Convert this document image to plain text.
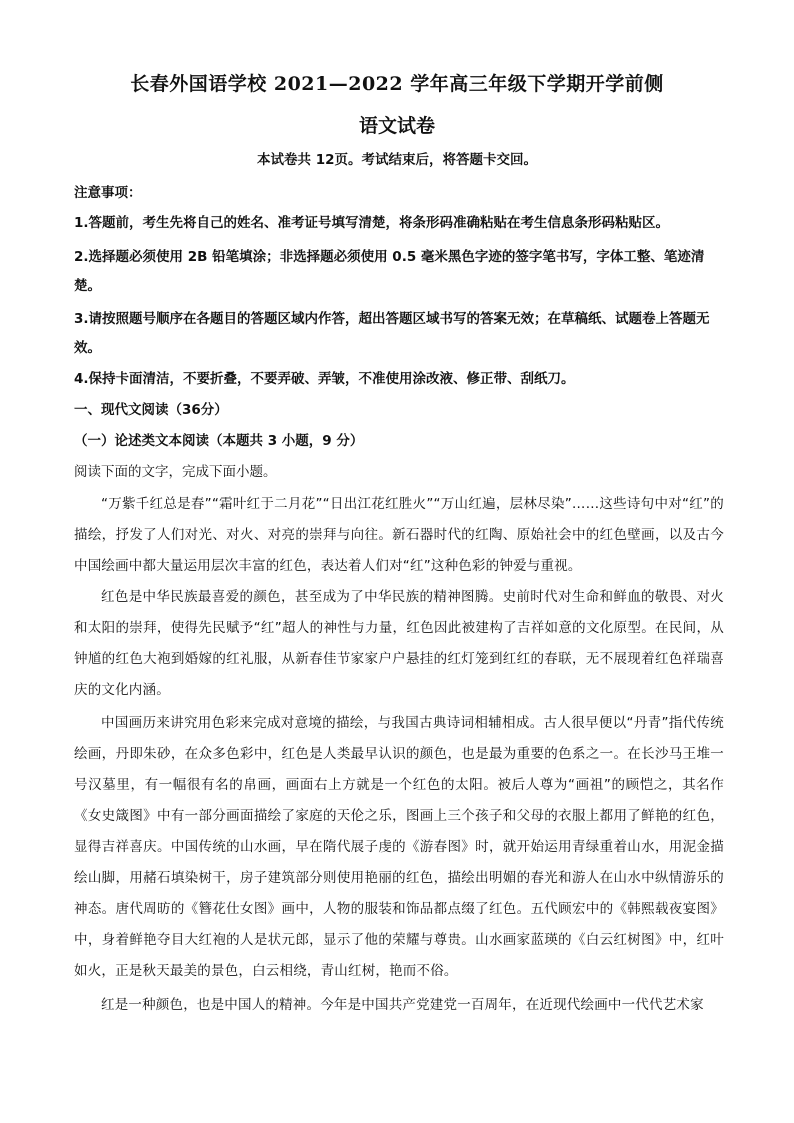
长春外国语学校 2021—2022 学年高三年级下学期开学前侧
语文试卷
本试卷共 12页。考试结束后，将答题卡交回。
注意事项：
1.答题前，考生先将自己的姓名、准考证号填写清楚，将条形码准确粘贴在考生信息条形码粘贴区。
2.选择题必须使用 2B 铅笔填涂；非选择题必须使用 0.5 毫米黑色字迹的签字笔书写，字体工整、笔迹清楚。
3.请按照题号顺序在各题目的答题区域内作答，超出答题区域书写的答案无效；在草稿纸、试题卷上答题无效。
4.保持卡面清洁，不要折叠，不要弄破、弄皱，不准使用涂改液、修正带、刮纸刀。
一、现代文阅读（36分）
（一）论述类文本阅读（本题共 3 小题，9 分）
阅读下面的文字，完成下面小题。
“万紫千红总是春”“霜叶红于二月花”“日出江花红胜火”“万山红遍，层林尽染”……这些诗句中对“红”的描绘，抒发了人们对光、对火、对亮的崇拜与向往。新石器时代的红陶、原始社会中的红色壁画，以及古今中国绘画中都大量运用层次丰富的红色，表达着人们对“红”这种色彩的钟爱与重视。
红色是中华民族最喜爱的颜色，甚至成为了中华民族的精神图腾。史前时代对生命和鲜血的敬畏、对火和太阳的崇拜，使得先民赋予“红”超人的神性与力量，红色因此被建构了吉祥如意的文化原型。在民间，从钟馗的红色大袍到婚嫁的红礼服，从新春佳节家家户户悬挂的红灯笼到红红的春联，无不展现着红色祥瑞喜庆的文化内涵。
中国画历来讲究用色彩来完成对意境的描绘，与我国古典诗词相辅相成。古人很早便以“丹青”指代传统绘画，丹即朱砂，在众多色彩中，红色是人类最早认识的颜色，也是最为重要的色系之一。在长沙马王堆一号汉墓里，有一幅很有名的帛画，画面右上方就是一个红色的太阳。被后人尊为“画祖”的顾恺之，其名作《女史箴图》中有一部分画面描绘了家庭的天伦之乐，图画上三个孩子和父母的衣服上都用了鲜艳的红色，显得吉祥喜庆。中国传统的山水画，早在隋代展子虔的《游春图》时，就开始运用青绿重着山水，用泥金描绘山脚，用赭石填染树干，房子建筑部分则使用艳丽的红色，描绘出明媚的春光和游人在山水中纵情游乐的神态。唐代周昉的《簪花仕女图》画中，人物的服装和饰品都点缀了红色。五代顾宏中的《韩熙载夜宴图》中，身着鲜艳夺目大红袍的人是状元郎，显示了他的荣耀与尊贵。山水画家蓝瑛的《白云红树图》中，红叶如火，正是秋天最美的景色，白云相绕，青山红树，艳而不俗。
红是一种颜色，也是中国人的精神。今年是中国共产党建党一百周年，在近现代绘画中一代代艺术家
